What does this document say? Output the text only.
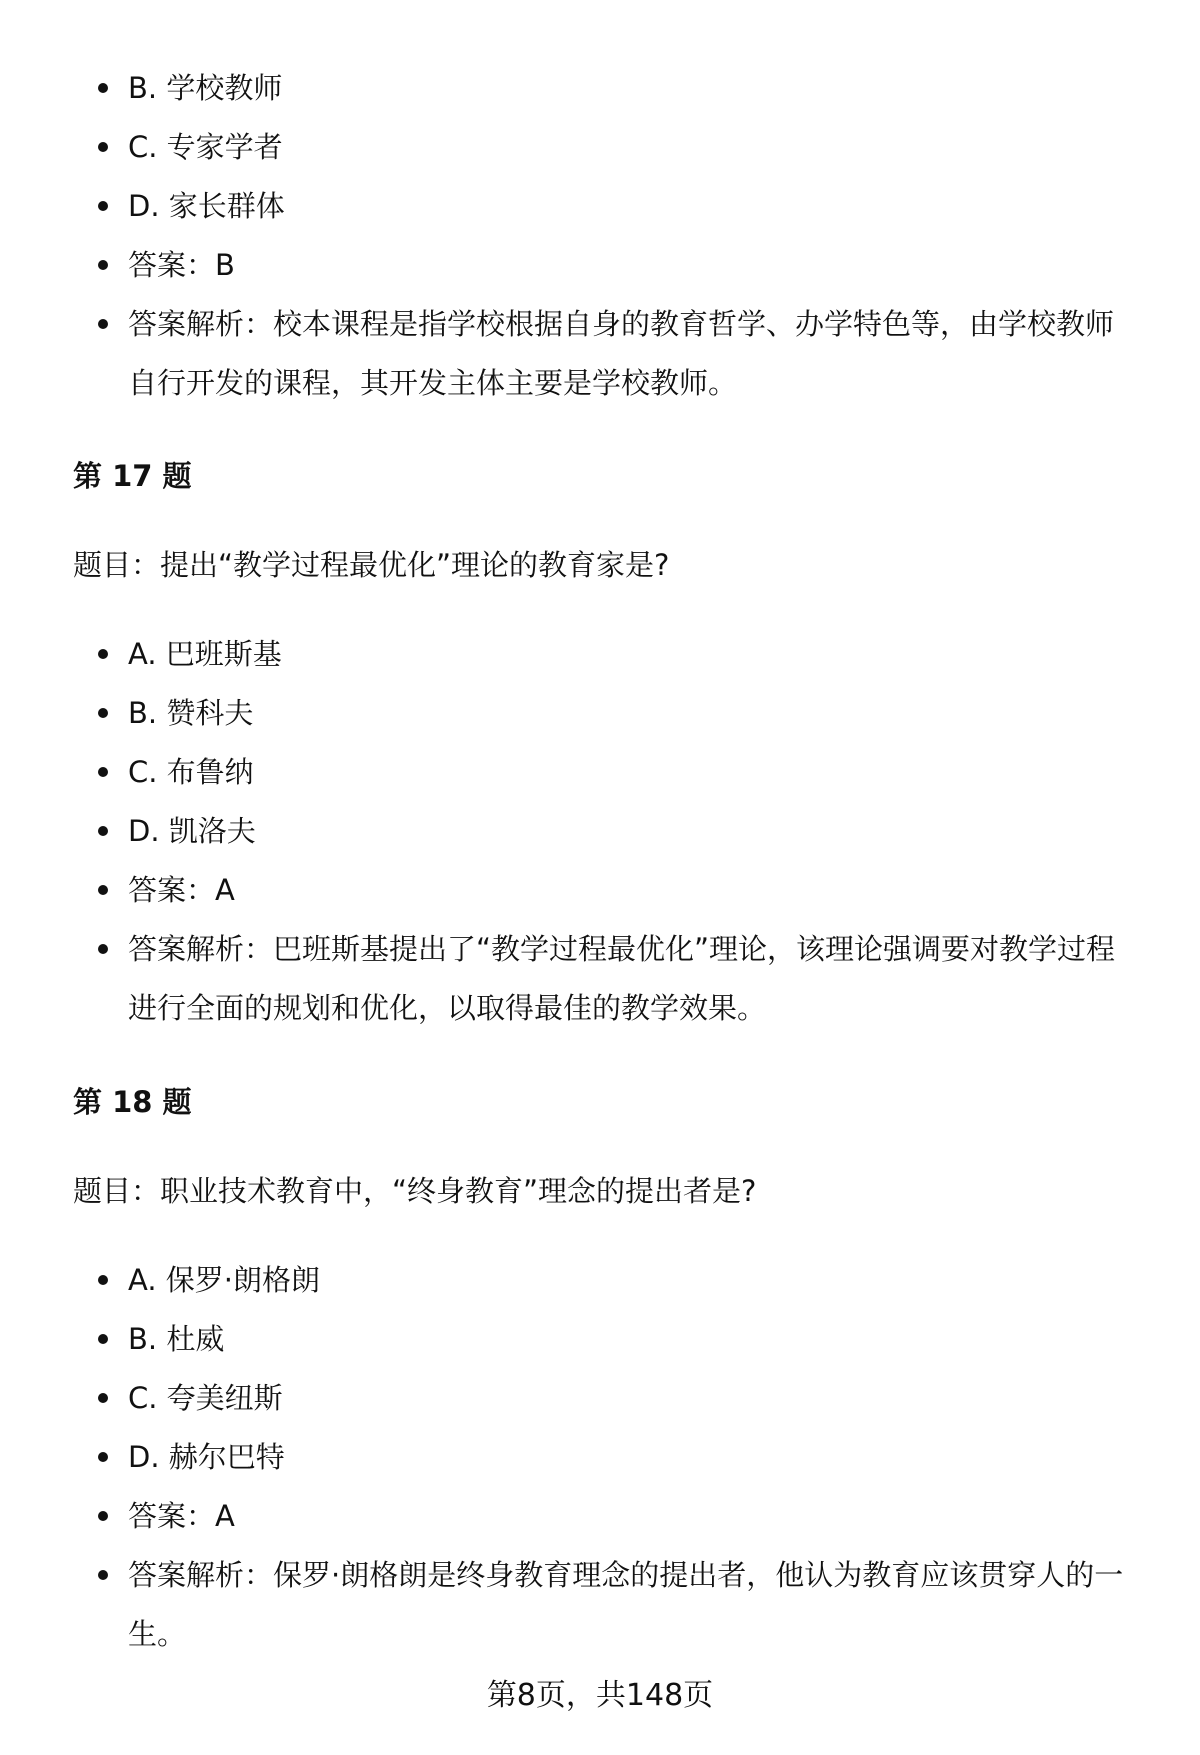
B. 学校教师
C. 专家学者
D. 家长群体
答案：B
答案解析：校本课程是指学校根据自身的教育哲学、办学特色等，由学校教师自行开发的课程，其开发主体主要是学校教师。
第 17 题
题目：提出“教学过程最优化”理论的教育家是?
A. 巴班斯基
B. 赞科夫
C. 布鲁纳
D. 凯洛夫
答案：A
答案解析：巴班斯基提出了“教学过程最优化”理论，该理论强调要对教学过程进行全面的规划和优化，以取得最佳的教学效果。
第 18 题
题目：职业技术教育中，“终身教育”理念的提出者是?
A. 保罗·朗格朗
B. 杜威
C. 夸美纽斯
D. 赫尔巴特
答案：A
答案解析：保罗·朗格朗是终身教育理念的提出者，他认为教育应该贯穿人的一生。
第8页，共148页
